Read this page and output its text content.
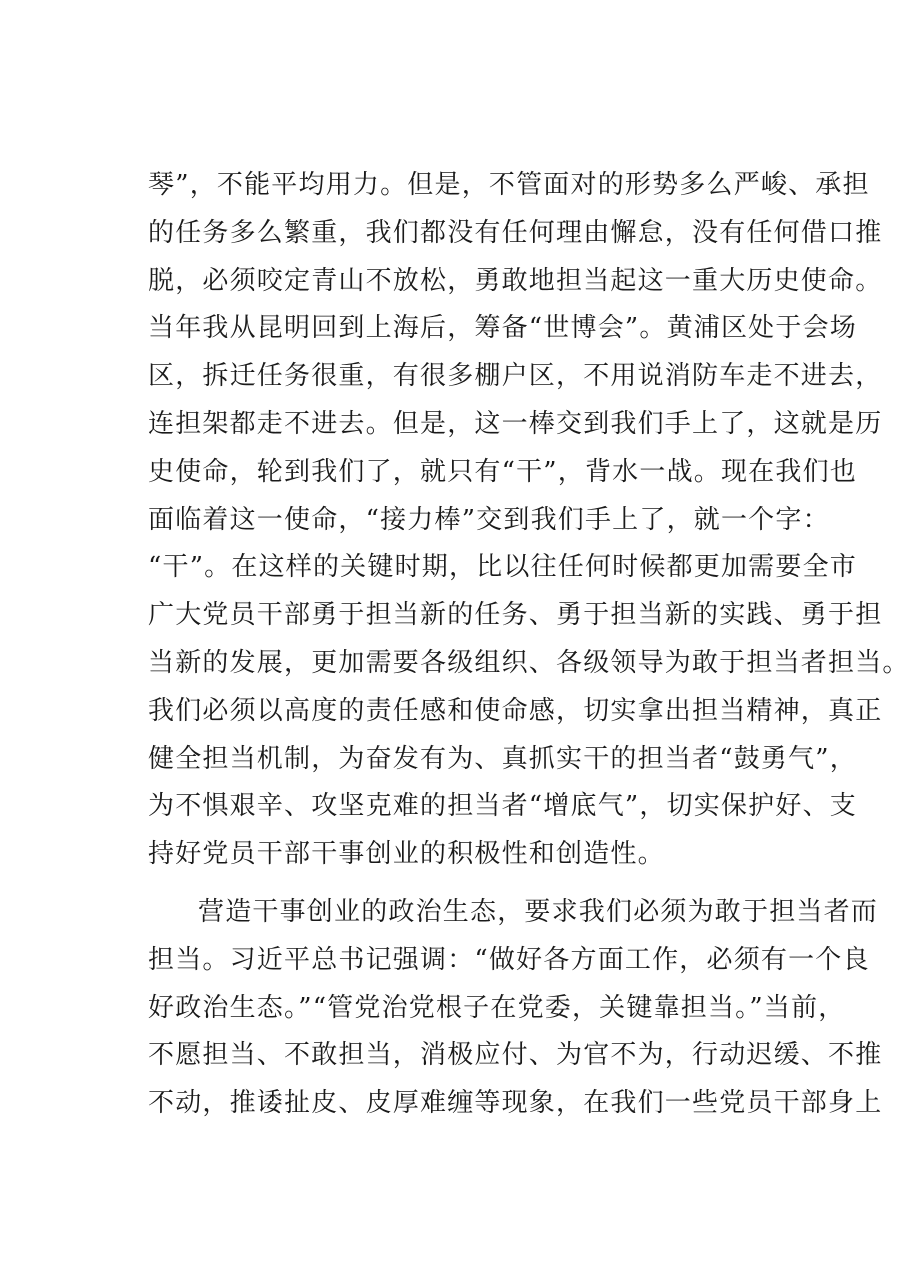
琴”，不能平均用力。但是，不管面对的形势多么严峻、承担
的任务多么繁重，我们都没有任何理由懈怠，没有任何借口推
脱，必须咬定青山不放松，勇敢地担当起这一重大历史使命。
当年我从昆明回到上海后，筹备“世博会”。黄浦区处于会场
区，拆迁任务很重，有很多棚户区，不用说消防车走不进去，
连担架都走不进去。但是，这一棒交到我们手上了，这就是历
史使命，轮到我们了，就只有“干”，背水一战。现在我们也
面临着这一使命，“接力棒”交到我们手上了，就一个字：
“干”。在这样的关键时期，比以往任何时候都更加需要全市
广大党员干部勇于担当新的任务、勇于担当新的实践、勇于担
当新的发展，更加需要各级组织、各级领导为敢于担当者担当。
我们必须以高度的责任感和使命感，切实拿出担当精神，真正
健全担当机制，为奋发有为、真抓实干的担当者“鼓勇气”，
为不惧艰辛、攻坚克难的担当者“增底气”，切实保护好、支
持好党员干部干事创业的积极性和创造性。
营造干事创业的政治生态，要求我们必须为敢于担当者而
担当。习近平总书记强调：“做好各方面工作，必须有一个良
好政治生态。”“管党治党根子在党委，关键靠担当。”当前，
不愿担当、不敢担当，消极应付、为官不为，行动迟缓、不推
不动，推诿扯皮、皮厚难缠等现象，在我们一些党员干部身上
